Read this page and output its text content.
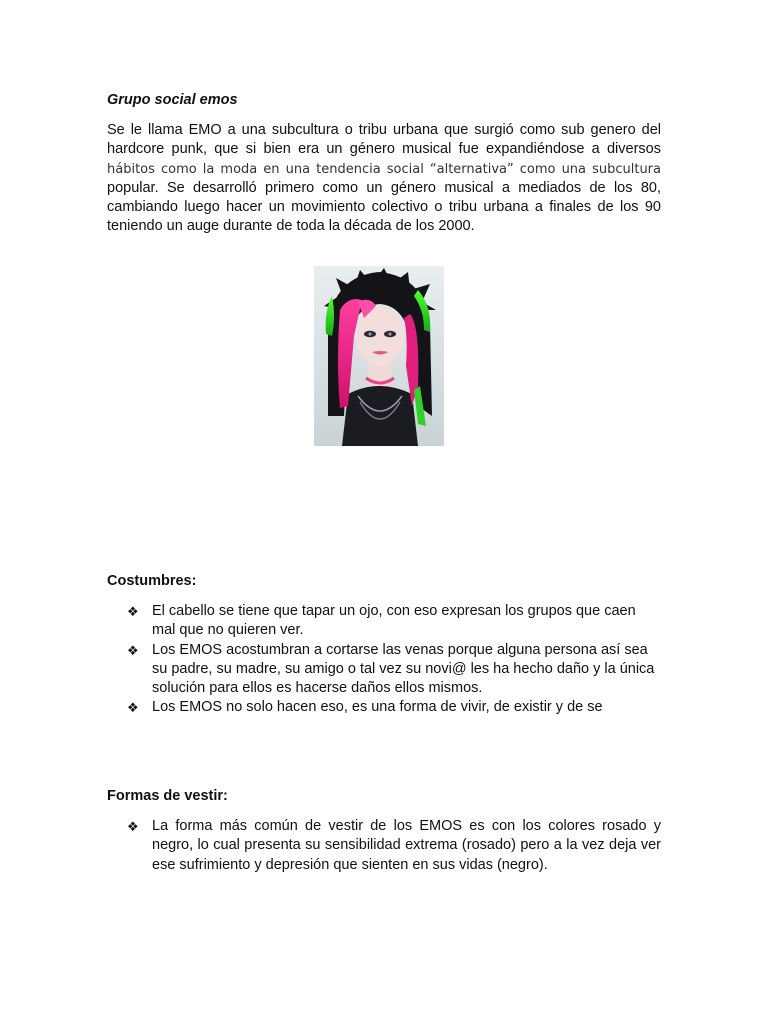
Grupo social emos

Se le llama EMO a una subcultura o tribu urbana que surgió como sub genero del
hardcore punk, que si bien era un género musical fue expandiéndose a diversos
hábitos como la moda en una tendencia social “alternativa” como una subcultura
popular. Se desarrolló primero como un género musical a mediados de los 80,
cambiando luego hacer un movimiento colectivo o tribu urbana a finales de los 90
teniendo un auge durante de toda la década de los 2000.

Costumbres:
❖ El cabello se tiene que tapar un ojo, con eso expresan los grupos que caen mal que no quieren ver.
❖ Los EMOS acostumbran a cortarse las venas porque alguna persona así sea su padre, su madre, su amigo o tal vez su novi@ les ha hecho daño y la única solución para ellos es hacerse daños ellos mismos.
❖ Los EMOS no solo hacen eso, es una forma de vivir, de existir y de se
Formas de vestir:
❖ La forma más común de vestir de los EMOS es con los colores rosado y negro, lo cual presenta su sensibilidad extrema (rosado) pero a la vez deja ver ese sufrimiento y depresión que sienten en sus vidas (negro).
